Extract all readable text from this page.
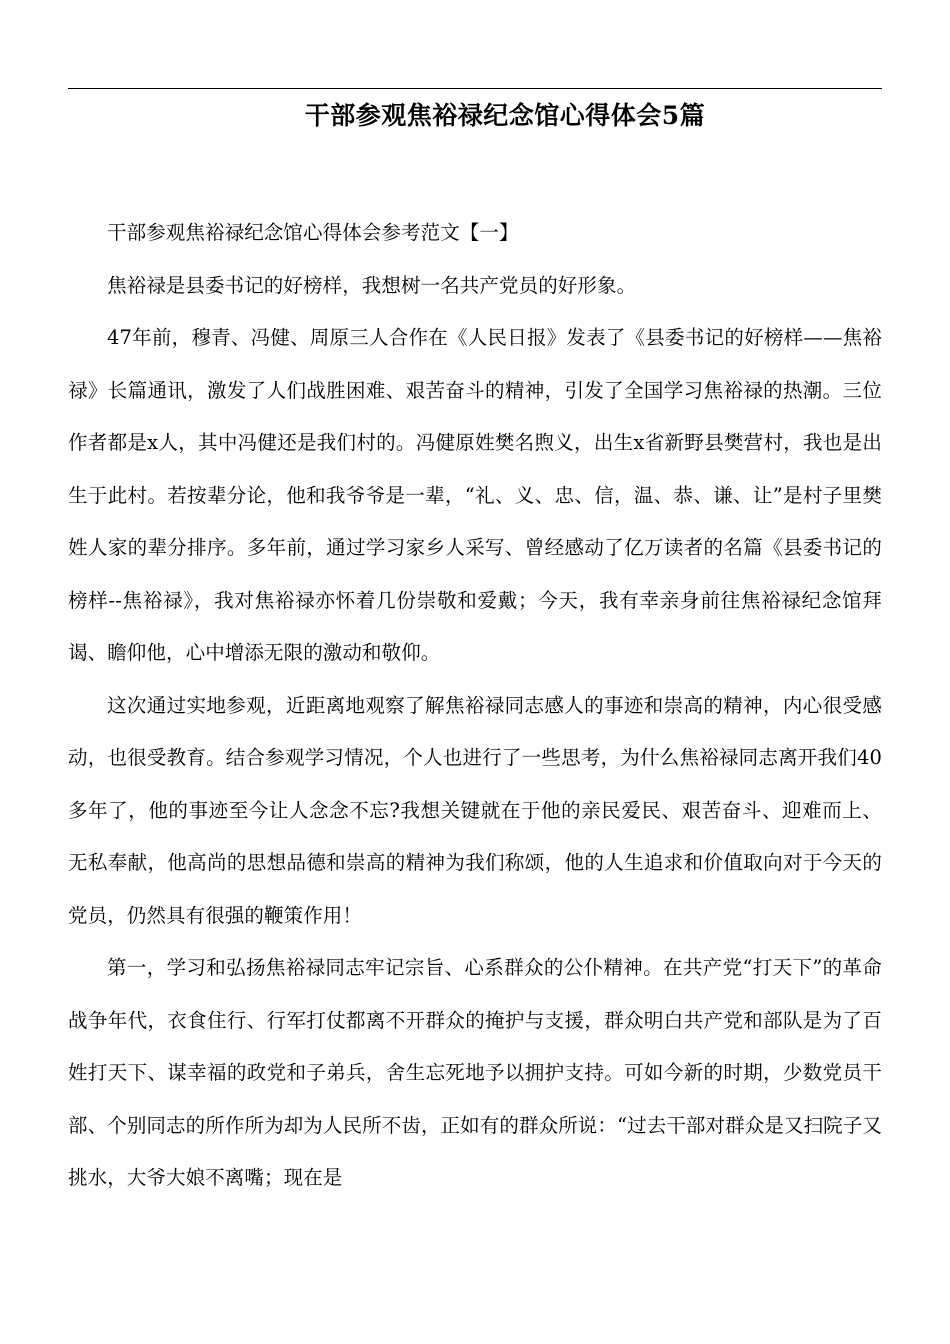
干部参观焦裕禄纪念馆心得体会5篇

干部参观焦裕禄纪念馆心得体会参考范文【一】

焦裕禄是县委书记的好榜样，我想树一名共产党员的好形象。

47年前，穆青、冯健、周原三人合作在《人民日报》发表了《县委书记的好榜样——焦裕禄》长篇通讯，激发了人们战胜困难、艰苦奋斗的精神，引发了全国学习焦裕禄的热潮。三位作者都是x人，其中冯健还是我们村的。冯健原姓樊名煦义，出生x省新野县樊营村，我也是出生于此村。若按辈分论，他和我爷爷是一辈，“礼、义、忠、信，温、恭、谦、让”是村子里樊姓人家的辈分排序。多年前，通过学习家乡人采写、曾经感动了亿万读者的名篇《县委书记的榜样--焦裕禄》，我对焦裕禄亦怀着几份崇敬和爱戴；今天，我有幸亲身前往焦裕禄纪念馆拜谒、瞻仰他，心中增添无限的激动和敬仰。

这次通过实地参观，近距离地观察了解焦裕禄同志感人的事迹和崇高的精神，内心很受感动，也很受教育。结合参观学习情况，个人也进行了一些思考，为什么焦裕禄同志离开我们40多年了，他的事迹至今让人念念不忘?我想关键就在于他的亲民爱民、艰苦奋斗、迎难而上、无私奉献，他高尚的思想品德和崇高的精神为我们称颂，他的人生追求和价值取向对于今天的党员，仍然具有很强的鞭策作用！

第一，学习和弘扬焦裕禄同志牢记宗旨、心系群众的公仆精神。在共产党“打天下”的革命战争年代，衣食住行、行军打仗都离不开群众的掩护与支援，群众明白共产党和部队是为了百姓打天下、谋幸福的政党和子弟兵，舍生忘死地予以拥护支持。可如今新的时期，少数党员干部、个别同志的所作所为却为人民所不齿，正如有的群众所说：“过去干部对群众是又扫院子又挑水，大爷大娘不离嘴；现在是
